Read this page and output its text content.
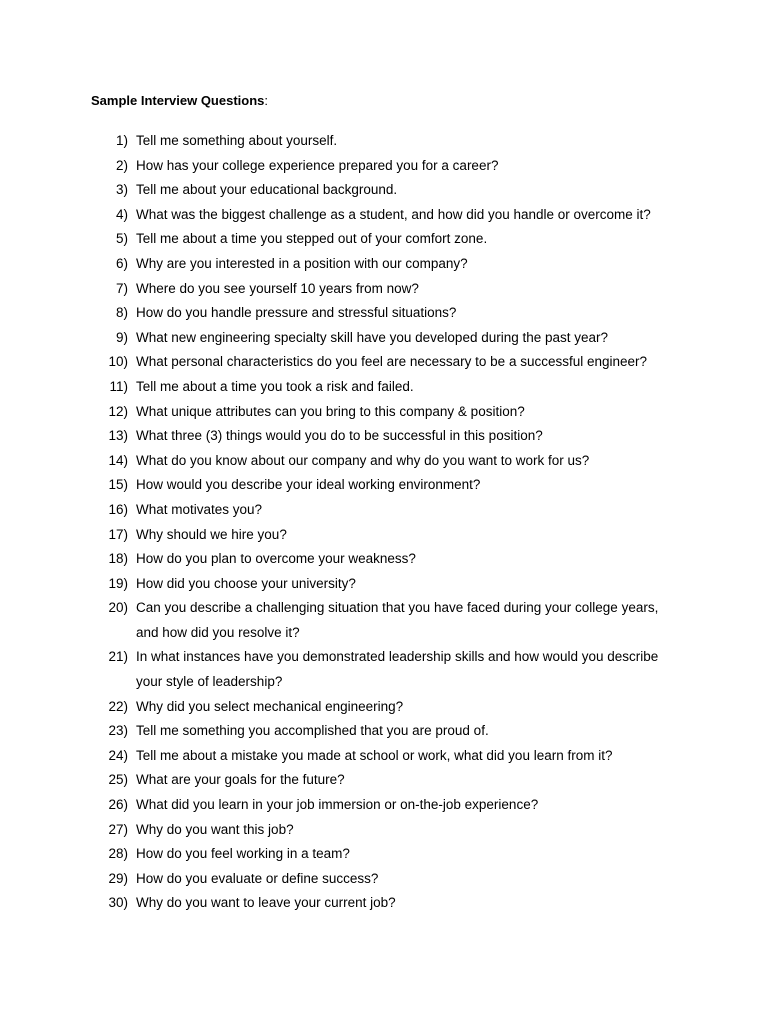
Sample Interview Questions:
1) Tell me something about yourself.
2) How has your college experience prepared you for a career?
3) Tell me about your educational background.
4) What was the biggest challenge as a student, and how did you handle or overcome it?
5) Tell me about a time you stepped out of your comfort zone.
6) Why are you interested in a position with our company?
7) Where do you see yourself 10 years from now?
8) How do you handle pressure and stressful situations?
9) What new engineering specialty skill have you developed during the past year?
10) What personal characteristics do you feel are necessary to be a successful engineer?
11) Tell me about a time you took a risk and failed.
12) What unique attributes can you bring to this company & position?
13) What three (3) things would you do to be successful in this position?
14) What do you know about our company and why do you want to work for us?
15) How would you describe your ideal working environment?
16) What motivates you?
17) Why should we hire you?
18) How do you plan to overcome your weakness?
19) How did you choose your university?
20) Can you describe a challenging situation that you have faced during your college years, and how did you resolve it?
21) In what instances have you demonstrated leadership skills and how would you describe your style of leadership?
22) Why did you select mechanical engineering?
23) Tell me something you accomplished that you are proud of.
24) Tell me about a mistake you made at school or work, what did you learn from it?
25) What are your goals for the future?
26) What did you learn in your job immersion or on-the-job experience?
27) Why do you want this job?
28) How do you feel working in a team?
29) How do you evaluate or define success?
30) Why do you want to leave your current job?
